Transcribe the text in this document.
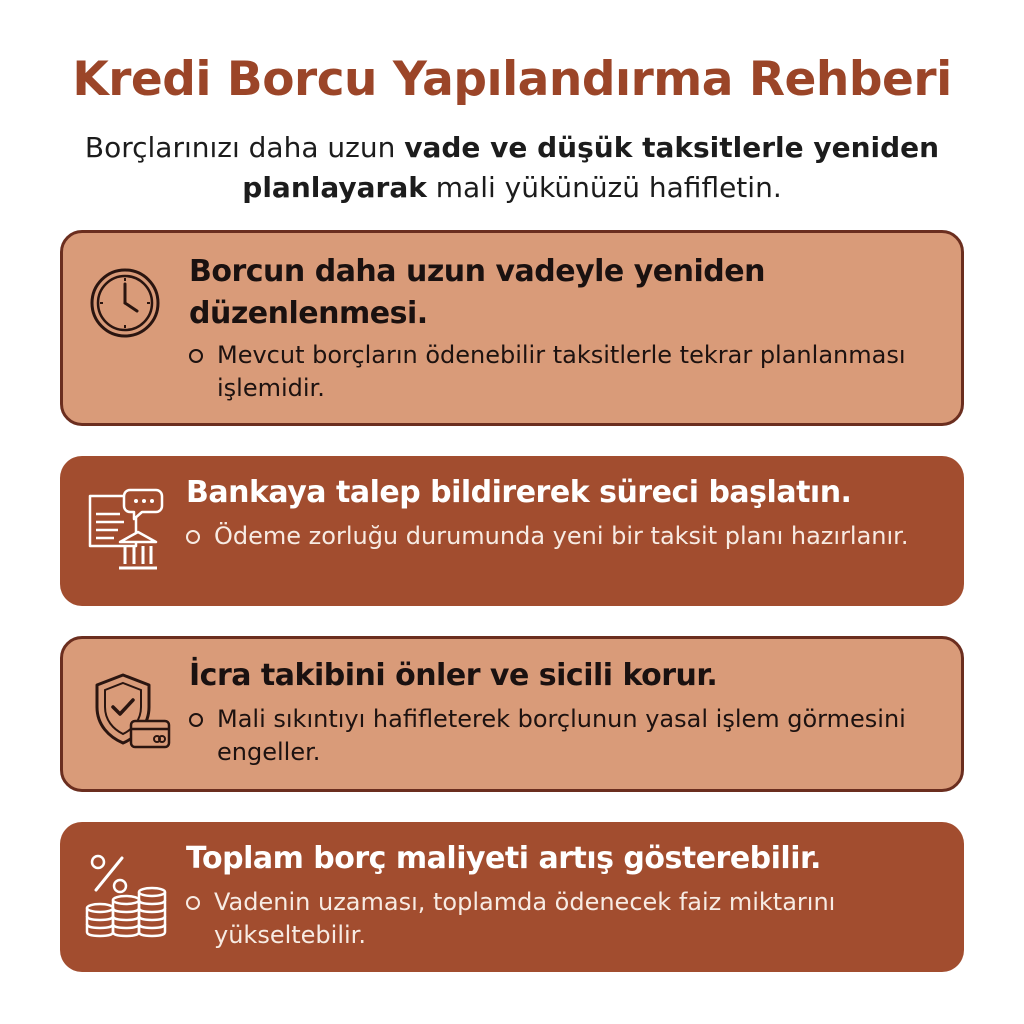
Kredi Borcu Yapılandırma Rehberi
Borçlarınızı daha uzun vade ve düşük taksitlerle yeniden
planlayarak mali yükünüzü hafifletin.
Borcun daha uzun vadeyle yeniden düzenlenmesi.
Mevcut borçların ödenebilir taksitlerle tekrar planlanması işlemidir.
Bankaya talep bildirerek süreci başlatın.
Ödeme zorluğu durumunda yeni bir taksit planı hazırlanır.
İcra takibini önler ve sicili korur.
Mali sıkıntıyı hafifleterek borçlunun yasal işlem görmesini engeller.
Toplam borç maliyeti artış gösterebilir.
Vadenin uzaması, toplamda ödenecek faiz miktarını yükseltebilir.
